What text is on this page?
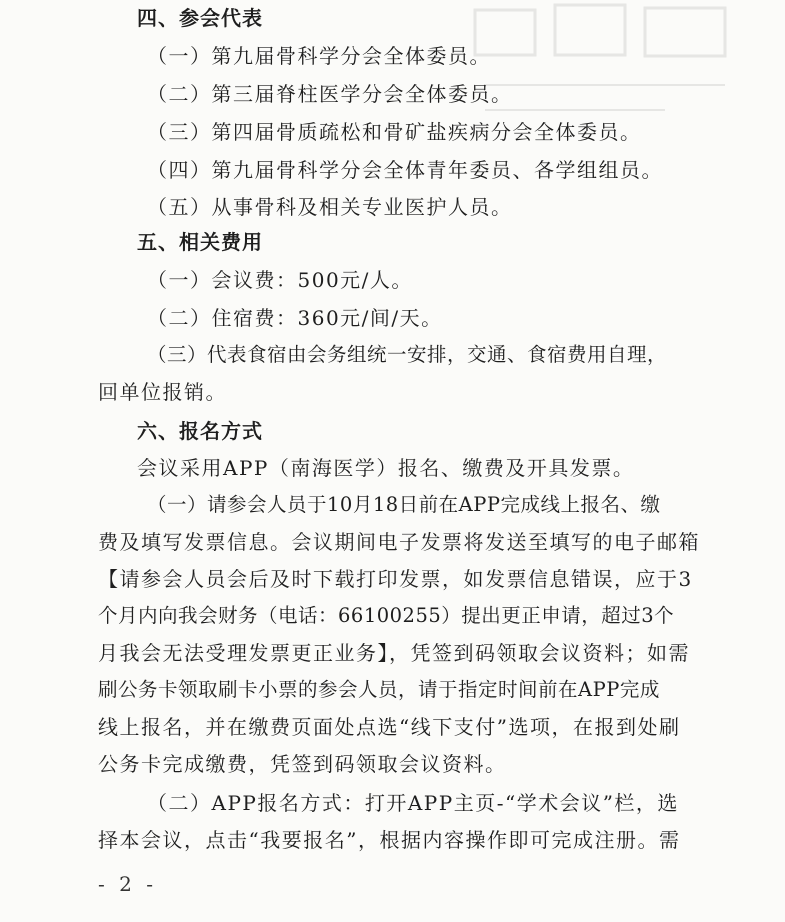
四、参会代表
（一）第九届骨科学分会全体委员。
（二）第三届脊柱医学分会全体委员。
（三）第四届骨质疏松和骨矿盐疾病分会全体委员。
（四）第九届骨科学分会全体青年委员、各学组组员。
（五）从事骨科及相关专业医护人员。
五、相关费用
（一）会议费：500元/人。
（二）住宿费：360元/间/天。
（三）代表食宿由会务组统一安排，交通、食宿费用自理，
回单位报销。
六、报名方式
会议采用APP（南海医学）报名、缴费及开具发票。
（一）请参会人员于10月18日前在APP完成线上报名、缴
费及填写发票信息。会议期间电子发票将发送至填写的电子邮箱
【请参会人员会后及时下载打印发票，如发票信息错误，应于3
个月内向我会财务（电话：66100255）提出更正申请，超过3个
月我会无法受理发票更正业务】，凭签到码领取会议资料；如需
刷公务卡领取刷卡小票的参会人员，请于指定时间前在APP完成
线上报名，并在缴费页面处点选“线下支付”选项，在报到处刷
公务卡完成缴费，凭签到码领取会议资料。
（二）APP报名方式：打开APP主页-“学术会议”栏，选
择本会议，点击“我要报名”，根据内容操作即可完成注册。需
- 2 -
